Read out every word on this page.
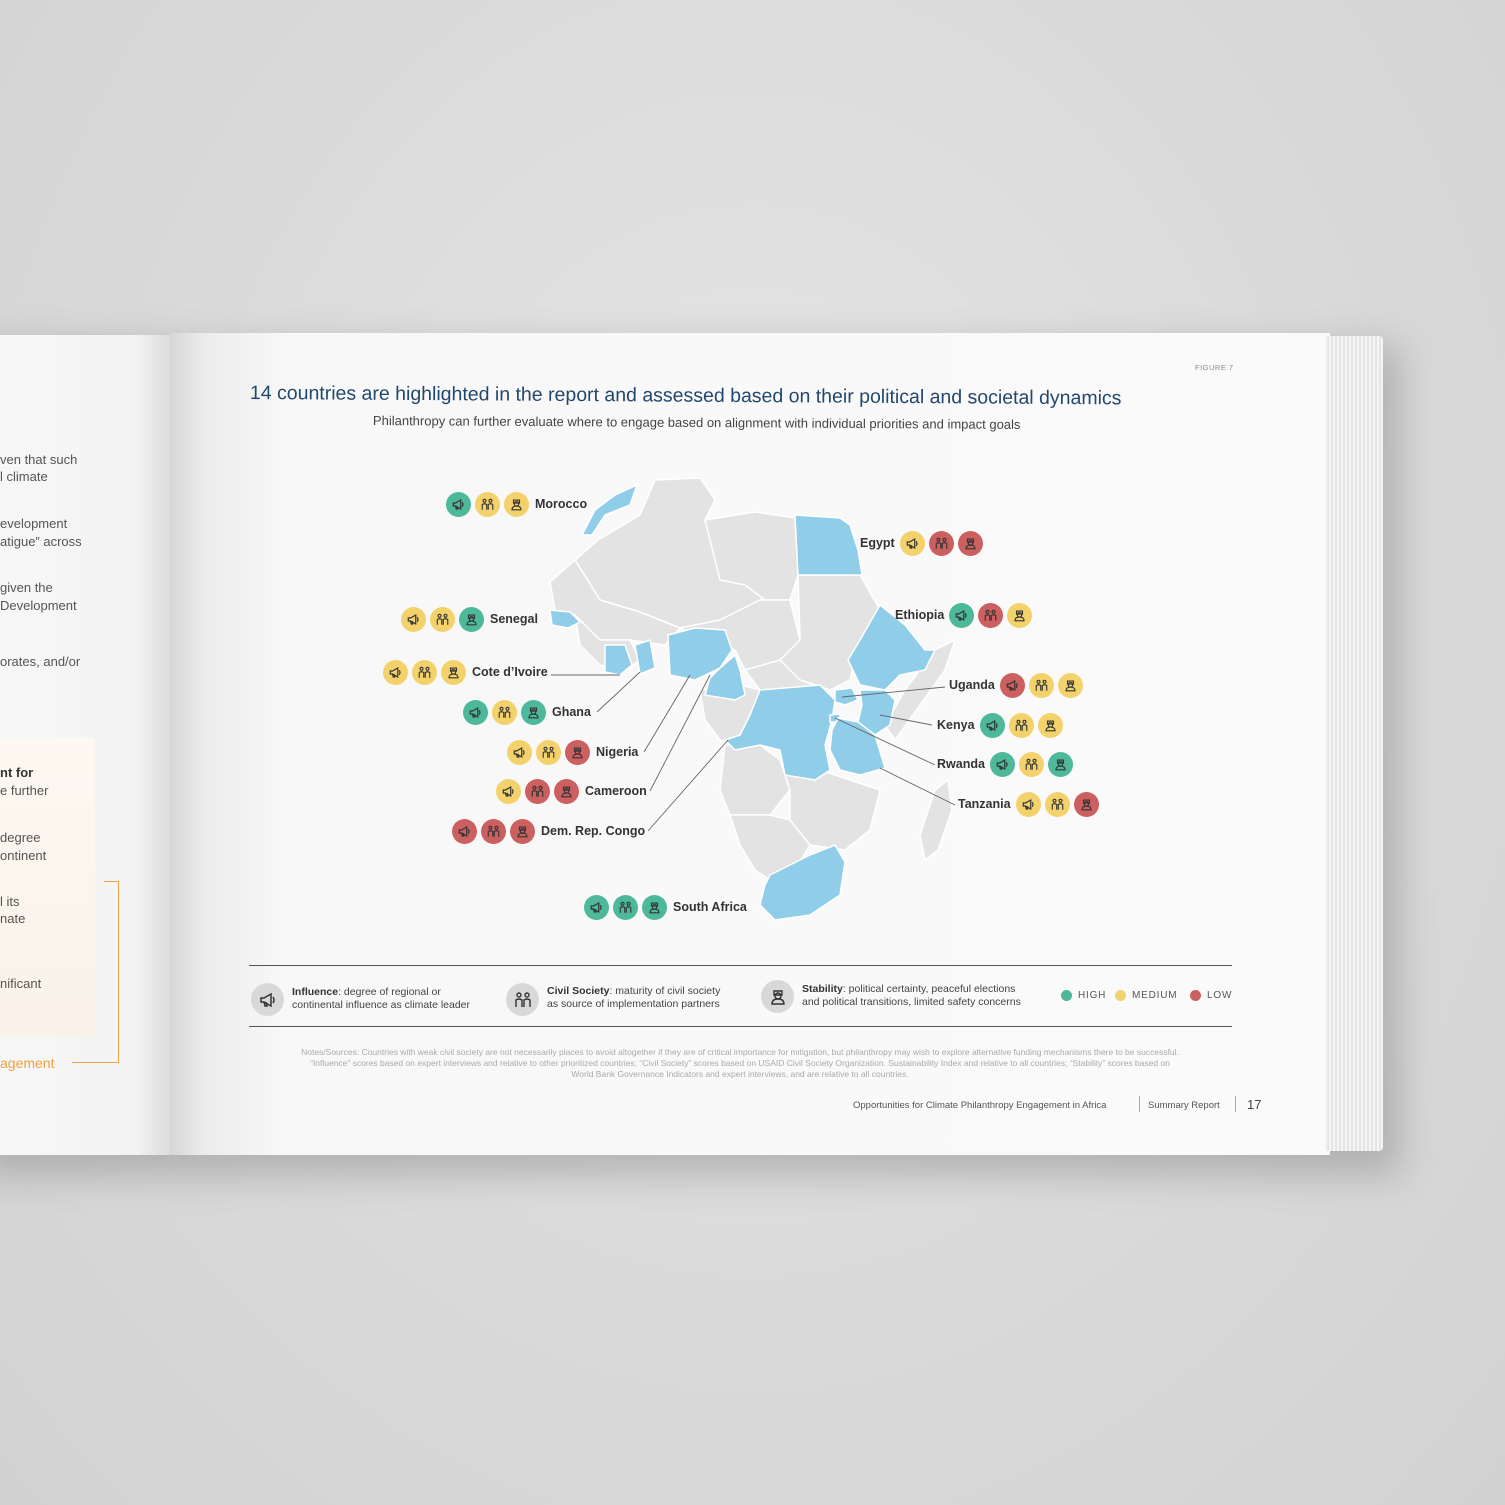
ven that such
l climate
evelopment
atigue” across
given the
Development
orates, and/or
nt for
e further
degree
ontinent
l its
nate
nificant
agement
FIGURE 7
14 countries are highlighted in the report and assessed based on their political and societal dynamics
Philanthropy can further evaluate where to engage based on alignment with individual priorities and impact goals
Morocco
Egypt
Senegal	Ethiopia
Cote d’Ivoire
Uganda
Ghana
Kenya
Nigeria
Rwanda
Cameroon
Tanzania
Dem. Rep. Congo
South Africa
Influence: degree of regional or
continental influence as climate leader
Civil Society: maturity of civil society
as source of implementation partners
Stability: political certainty, peaceful elections
and political transitions, limited safety concerns
HIGH	MEDIUM	LOW
Notes/Sources: Countries with weak civil society are not necessarily places to avoid altogether if they are of critical importance for mitigation, but philanthropy may wish to explore alternative funding mechanisms there to be successful. “Influence” scores based on expert interviews and relative to other prioritized countries; “Civil Society” scores based on USAID Civil Society Organization. Sustainability Index and relative to all countries; “Stability” scores based on World Bank Governance Indicators and expert interviews, and are relative to all countries.
Opportunities for Climate Philanthropy Engagement in Africa	Summary Report 17
